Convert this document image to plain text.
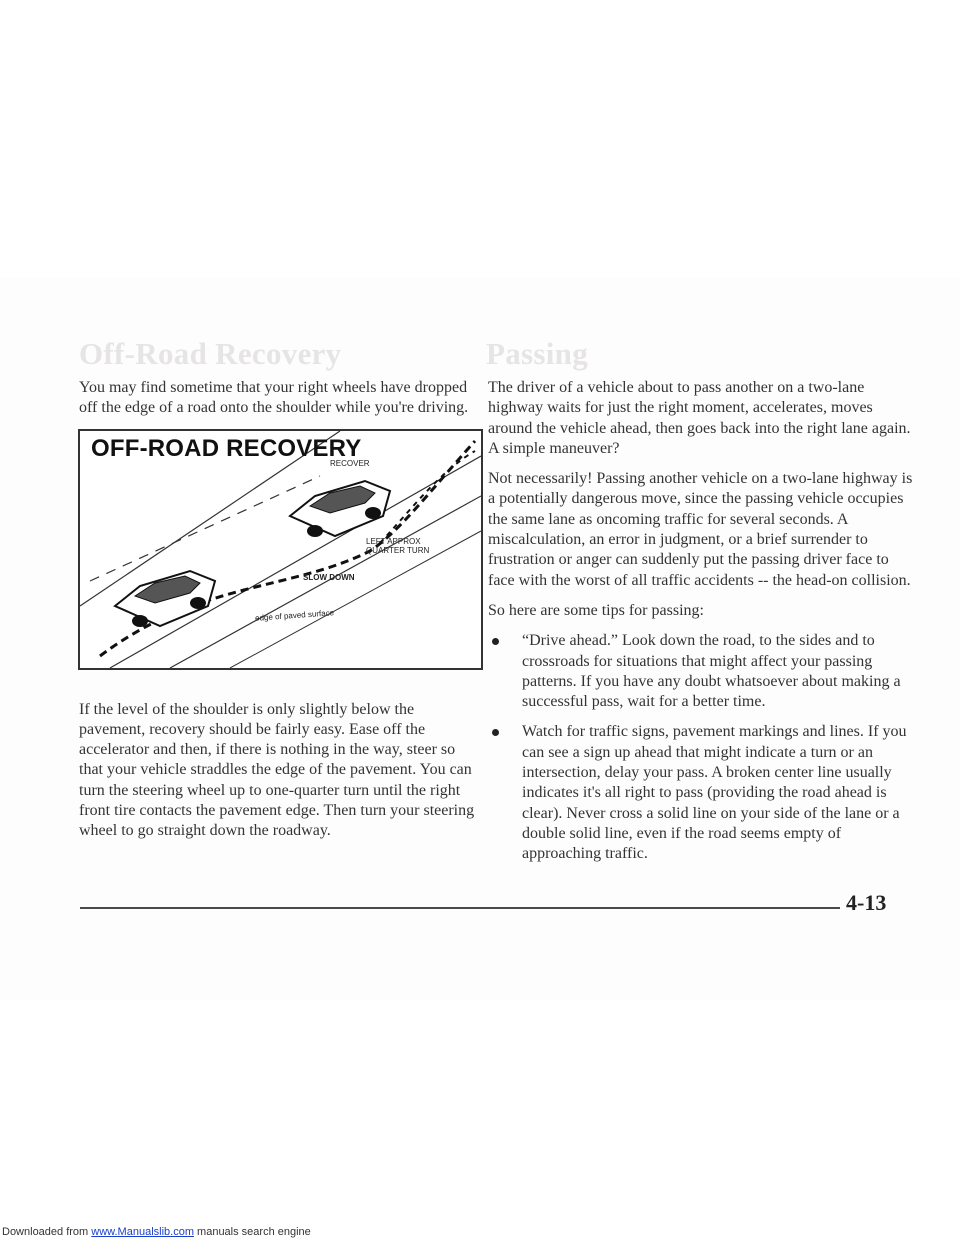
Off-Road Recovery

You may find sometime that your right wheels have dropped off the edge of a road onto the shoulder while you're driving.

OFF-ROAD RECOVERY
RECOVER
LEFT APPROX
QUARTER TURN
SLOW DOWN
edge of paved surface

If the level of the shoulder is only slightly below the pavement, recovery should be fairly easy. Ease off the accelerator and then, if there is nothing in the way, steer so that your vehicle straddles the edge of the pavement. You can turn the steering wheel up to one-quarter turn until the right front tire contacts the pavement edge. Then turn your steering wheel to go straight down the roadway.

Passing

The driver of a vehicle about to pass another on a two-lane highway waits for just the right moment, accelerates, moves around the vehicle ahead, then goes back into the right lane again. A simple maneuver?

Not necessarily! Passing another vehicle on a two-lane highway is a potentially dangerous move, since the passing vehicle occupies the same lane as oncoming traffic for several seconds. A miscalculation, an error in judgment, or a brief surrender to frustration or anger can suddenly put the passing driver face to face with the worst of all traffic accidents -- the head-on collision.

So here are some tips for passing:

“Drive ahead.” Look down the road, to the sides and to crossroads for situations that might affect your passing patterns. If you have any doubt whatsoever about making a successful pass, wait for a better time.
Watch for traffic signs, pavement markings and lines. If you can see a sign up ahead that might indicate a turn or an intersection, delay your pass. A broken center line usually indicates it's all right to pass (providing the road ahead is clear). Never cross a solid line on your side of the lane or a double solid line, even if the road seems empty of approaching traffic.
4-13
Downloaded from www.Manualslib.com manuals search engine
